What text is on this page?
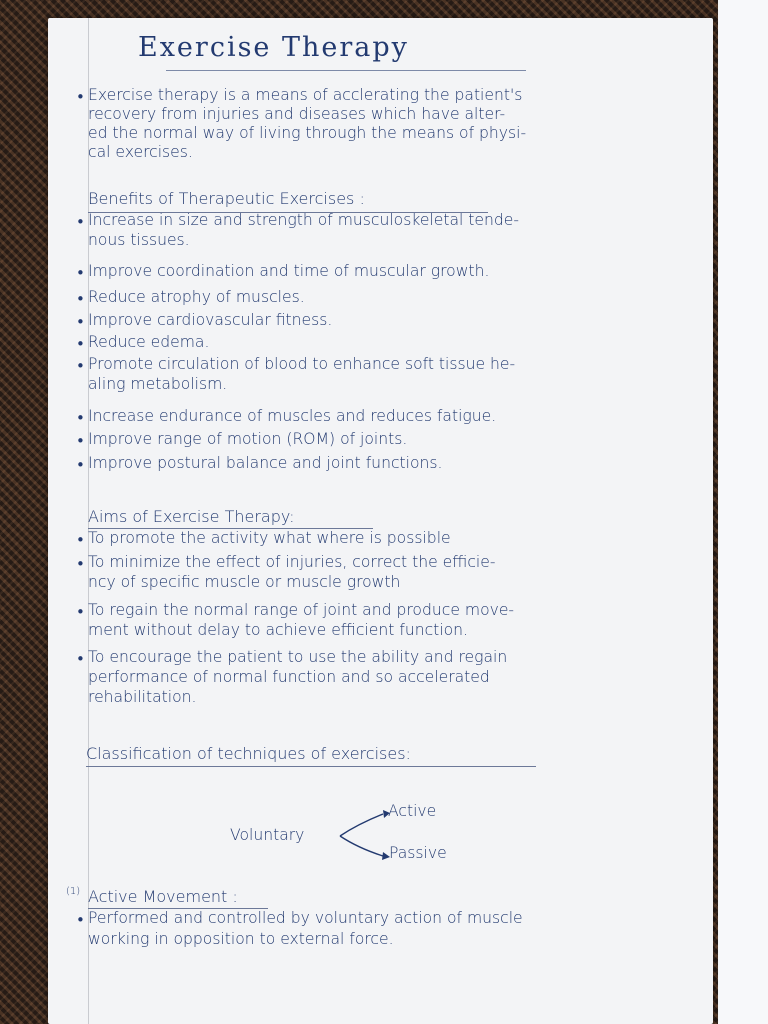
Exercise Therapy
• Exercise therapy is a means of acclerating the patient's
recovery from injuries and diseases which have alter-
ed the normal way of living through the means of physi-
cal exercises.
Benefits of Therapeutic Exercises :
• Increase in size and strength of musculoskeletal tende-
nous tissues.
• Improve coordination and time of muscular growth.
• Reduce atrophy of muscles.
• Improve cardiovascular fitness.
• Reduce edema.
• Promote circulation of blood to enhance soft tissue he-
aling metabolism.
• Increase endurance of muscles and reduces fatigue.
• Improve range of motion (ROM) of joints.
• Improve postural balance and joint functions.
Aims of Exercise Therapy:
• To promote the activity what where is possible
• To minimize the effect of injuries, correct the efficie-
ncy of specific muscle or muscle growth
• To regain the normal range of joint and produce move-
ment without delay to achieve efficient function.
• To encourage the patient to use the ability and regain
performance of normal function and so accelerated
rehabilitation.
Classification of techniques of exercises:
Voluntary
Active
Passive
(1) Active Movement :
• Performed and controlled by voluntary action of muscle
working in opposition to external force.
